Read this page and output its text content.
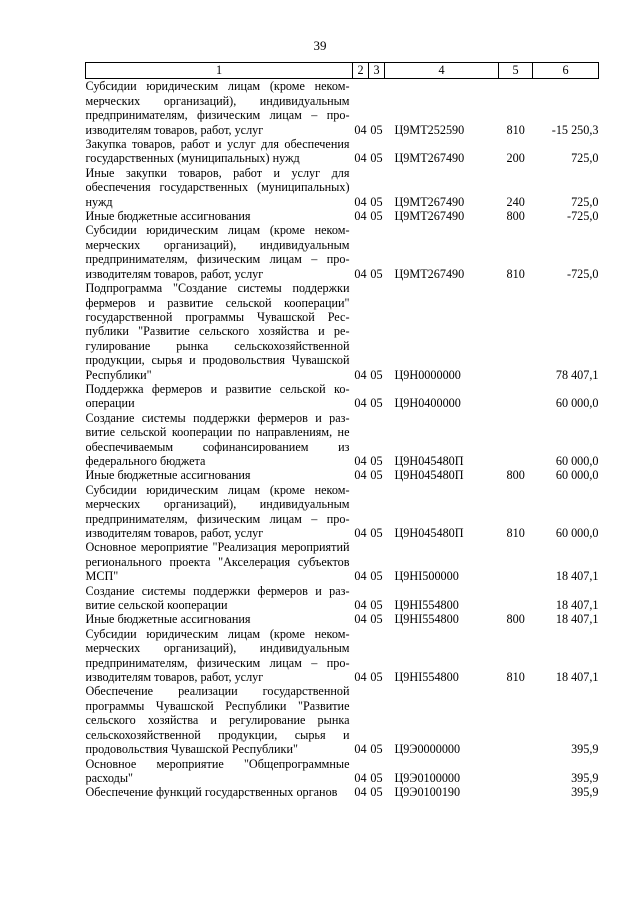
39
1	2	3	4	5	6
Субсидии юридическим лицам (кроме некоммерческих организаций), индивидуальным предпринимателям, физическим лицам – производителям товаров, работ, услуг	04	05	Ц9МТ252590	810	-15 250,3
Закупка товаров, работ и услуг для обеспечения государственных (муниципальных) нужд	04	05	Ц9МТ267490	200	725,0
Иные закупки товаров, работ и услуг для обеспечения государственных (муниципальных) нужд	04	05	Ц9МТ267490	240	725,0
Иные бюджетные ассигнования	04	05	Ц9МТ267490	800	-725,0
Субсидии юридическим лицам (кроме некоммерческих организаций), индивидуальным предпринимателям, физическим лицам – производителям товаров, работ, услуг	04	05	Ц9МТ267490	810	-725,0
Подпрограмма "Создание системы поддержки фермеров и развитие сельской кооперации" государственной программы Чувашской Республики "Развитие сельского хозяйства и регулирование рынка сельскохозяйственной продукции, сырья и продовольствия Чувашской Республики"	04	05	Ц9Н0000000		78 407,1
Поддержка фермеров и развитие сельской кооперации	04	05	Ц9Н0400000		60 000,0
Создание системы поддержки фермеров и развитие сельской кооперации по направлениям, не обеспечиваемым софинансированием из федерального бюджета	04	05	Ц9Н045480П		60 000,0
Иные бюджетные ассигнования	04	05	Ц9Н045480П	800	60 000,0
Субсидии юридическим лицам (кроме некоммерческих организаций), индивидуальным предпринимателям, физическим лицам – производителям товаров, работ, услуг	04	05	Ц9Н045480П	810	60 000,0
Основное мероприятие "Реализация мероприятий регионального проекта "Акселерация субъектов МСП"	04	05	Ц9НI500000		18 407,1
Создание системы поддержки фермеров и развитие сельской кооперации	04	05	Ц9НI554800		18 407,1
Иные бюджетные ассигнования	04	05	Ц9НI554800	800	18 407,1
Субсидии юридическим лицам (кроме некоммерческих организаций), индивидуальным предпринимателям, физическим лицам – производителям товаров, работ, услуг	04	05	Ц9НI554800	810	18 407,1
Обеспечение реализации государственной программы Чувашской Республики "Развитие сельского хозяйства и регулирование рынка сельскохозяйственной продукции, сырья и продовольствия Чувашской Республики"	04	05	Ц9Э0000000		395,9
Основное мероприятие "Общепрограммные расходы"	04	05	Ц9Э0100000		395,9
Обеспечение функций государственных органов	04	05	Ц9Э0100190		395,9
